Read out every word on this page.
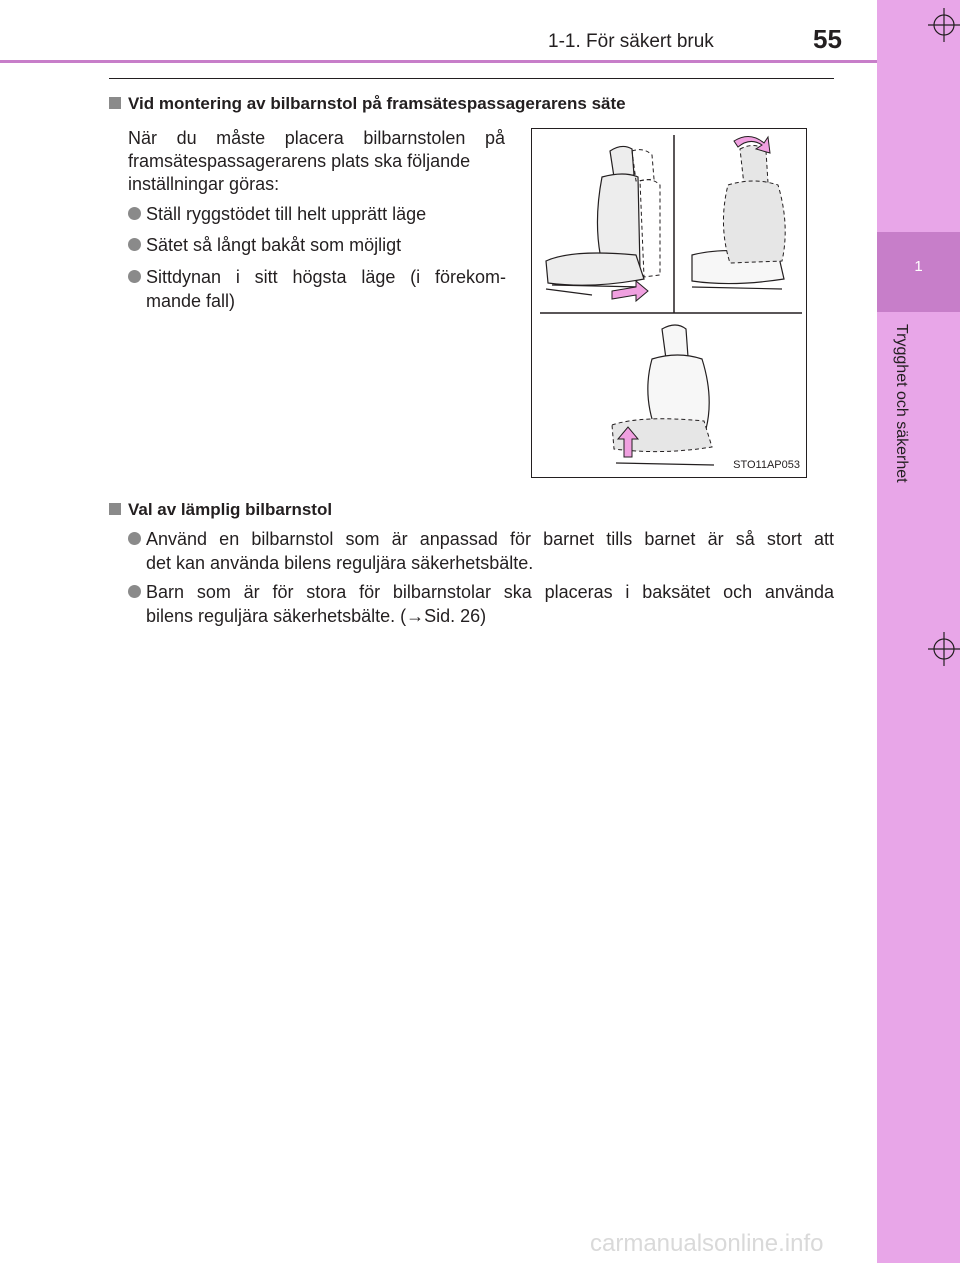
1-1. För säkert bruk	55
1
Trygghet och säkerhet
Vid montering av bilbarnstol på framsätespassagerarens säte
När du måste placera bilbarnstolen på
framsätespassagerarens plats ska följande
inställningar göras:
Ställ ryggstödet till helt upprätt läge
Sätet så långt bakåt som möjligt
Sittdynan i sitt högsta läge (i förekom-
mande fall)
STO11AP053
Val av lämplig bilbarnstol
Använd en bilbarnstol som är anpassad för barnet tills barnet är så stort att
det kan använda bilens reguljära säkerhetsbälte.
Barn som är för stora för bilbarnstolar ska placeras i baksätet och använda
bilens reguljära säkerhetsbälte. (→Sid. 26)
carmanualsonline.info
